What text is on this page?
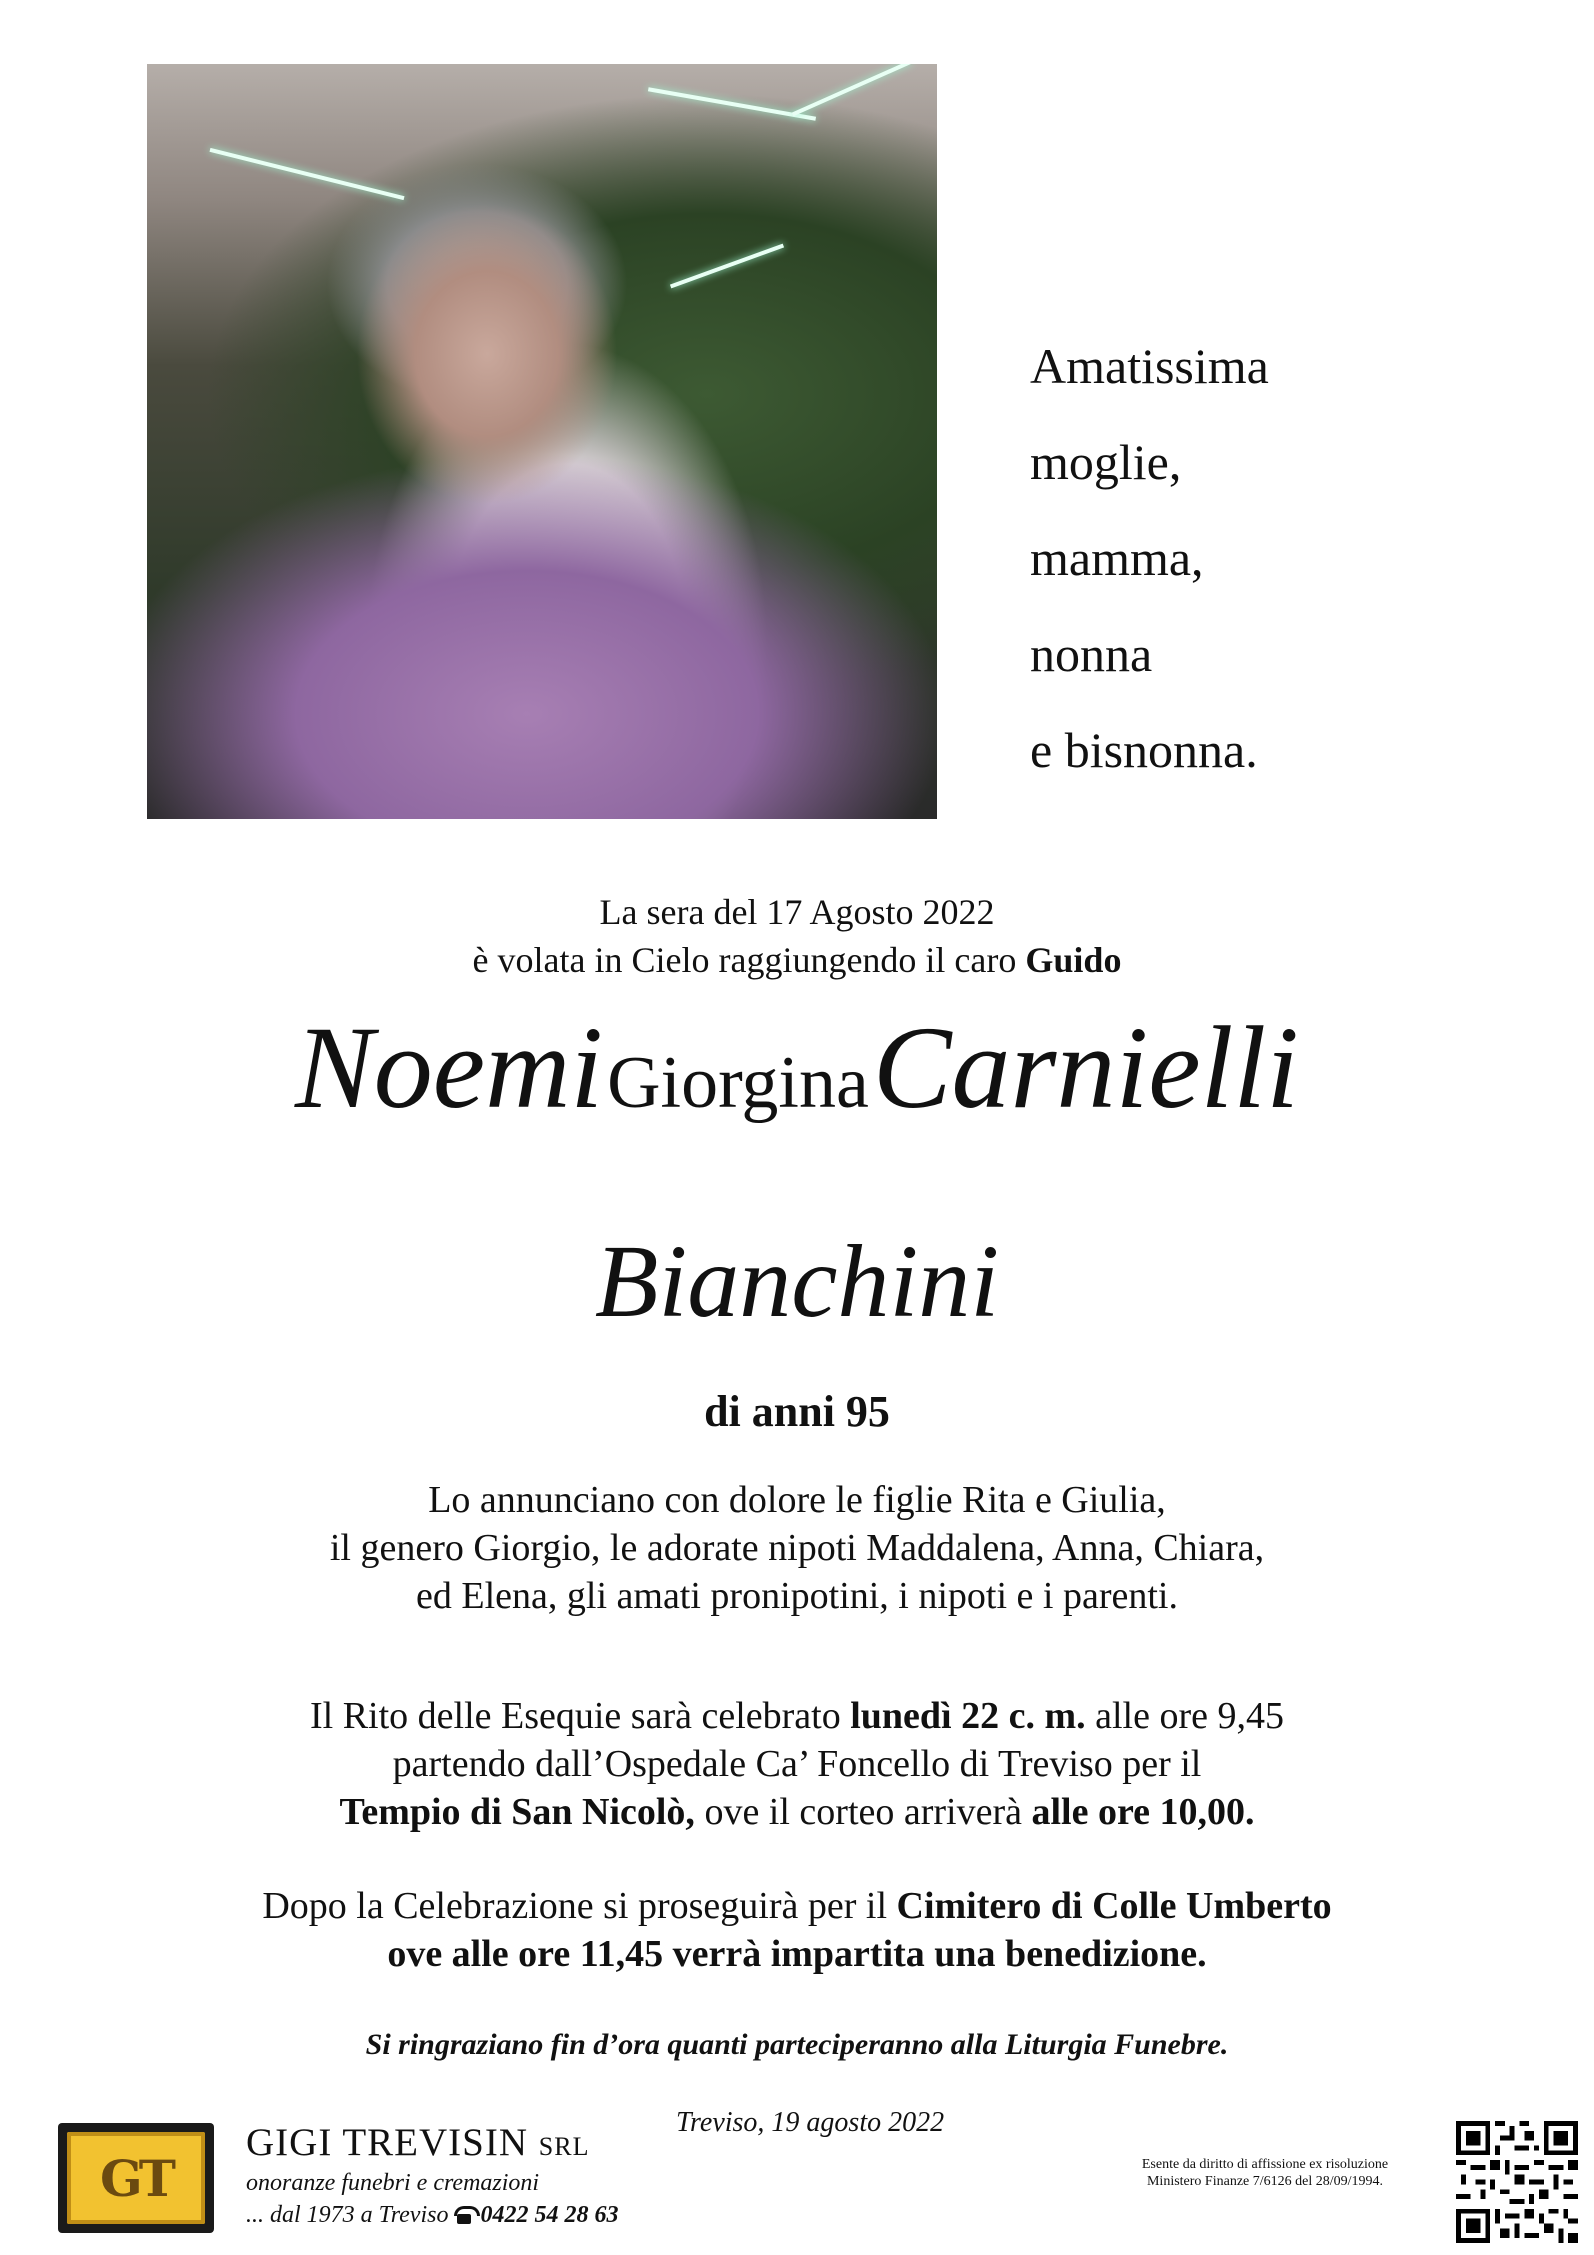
Amatissima
moglie,
mamma,
nonna
e bisnonna.
La sera del 17 Agosto 2022
è volata in Cielo raggiungendo il caro Guido
Noemi Giorgina Carnielli
Bianchini
di anni 95
Lo annunciano con dolore le figlie Rita e Giulia,
il genero Giorgio, le adorate nipoti Maddalena, Anna, Chiara,
ed Elena, gli amati pronipotini, i nipoti e i parenti.
Il Rito delle Esequie sarà celebrato lunedì 22 c. m. alle ore 9,45
partendo dall’Ospedale Ca’ Foncello di Treviso per il
Tempio di San Nicolò, ove il corteo arriverà alle ore 10,00.
Dopo la Celebrazione si proseguirà per il Cimitero di Colle Umberto
ove alle ore 11,45 verrà impartita una benedizione.
Si ringraziano fin d’ora quanti parteciperanno alla Liturgia Funebre.
Treviso, 19 agosto 2022
GT
GIGI TREVISIN SRL
onoranze funebri e cremazioni
... dal 1973 a Treviso 0422 54 28 63
Esente da diritto di affissione ex risoluzione
Ministero Finanze 7/6126 del 28/09/1994.
